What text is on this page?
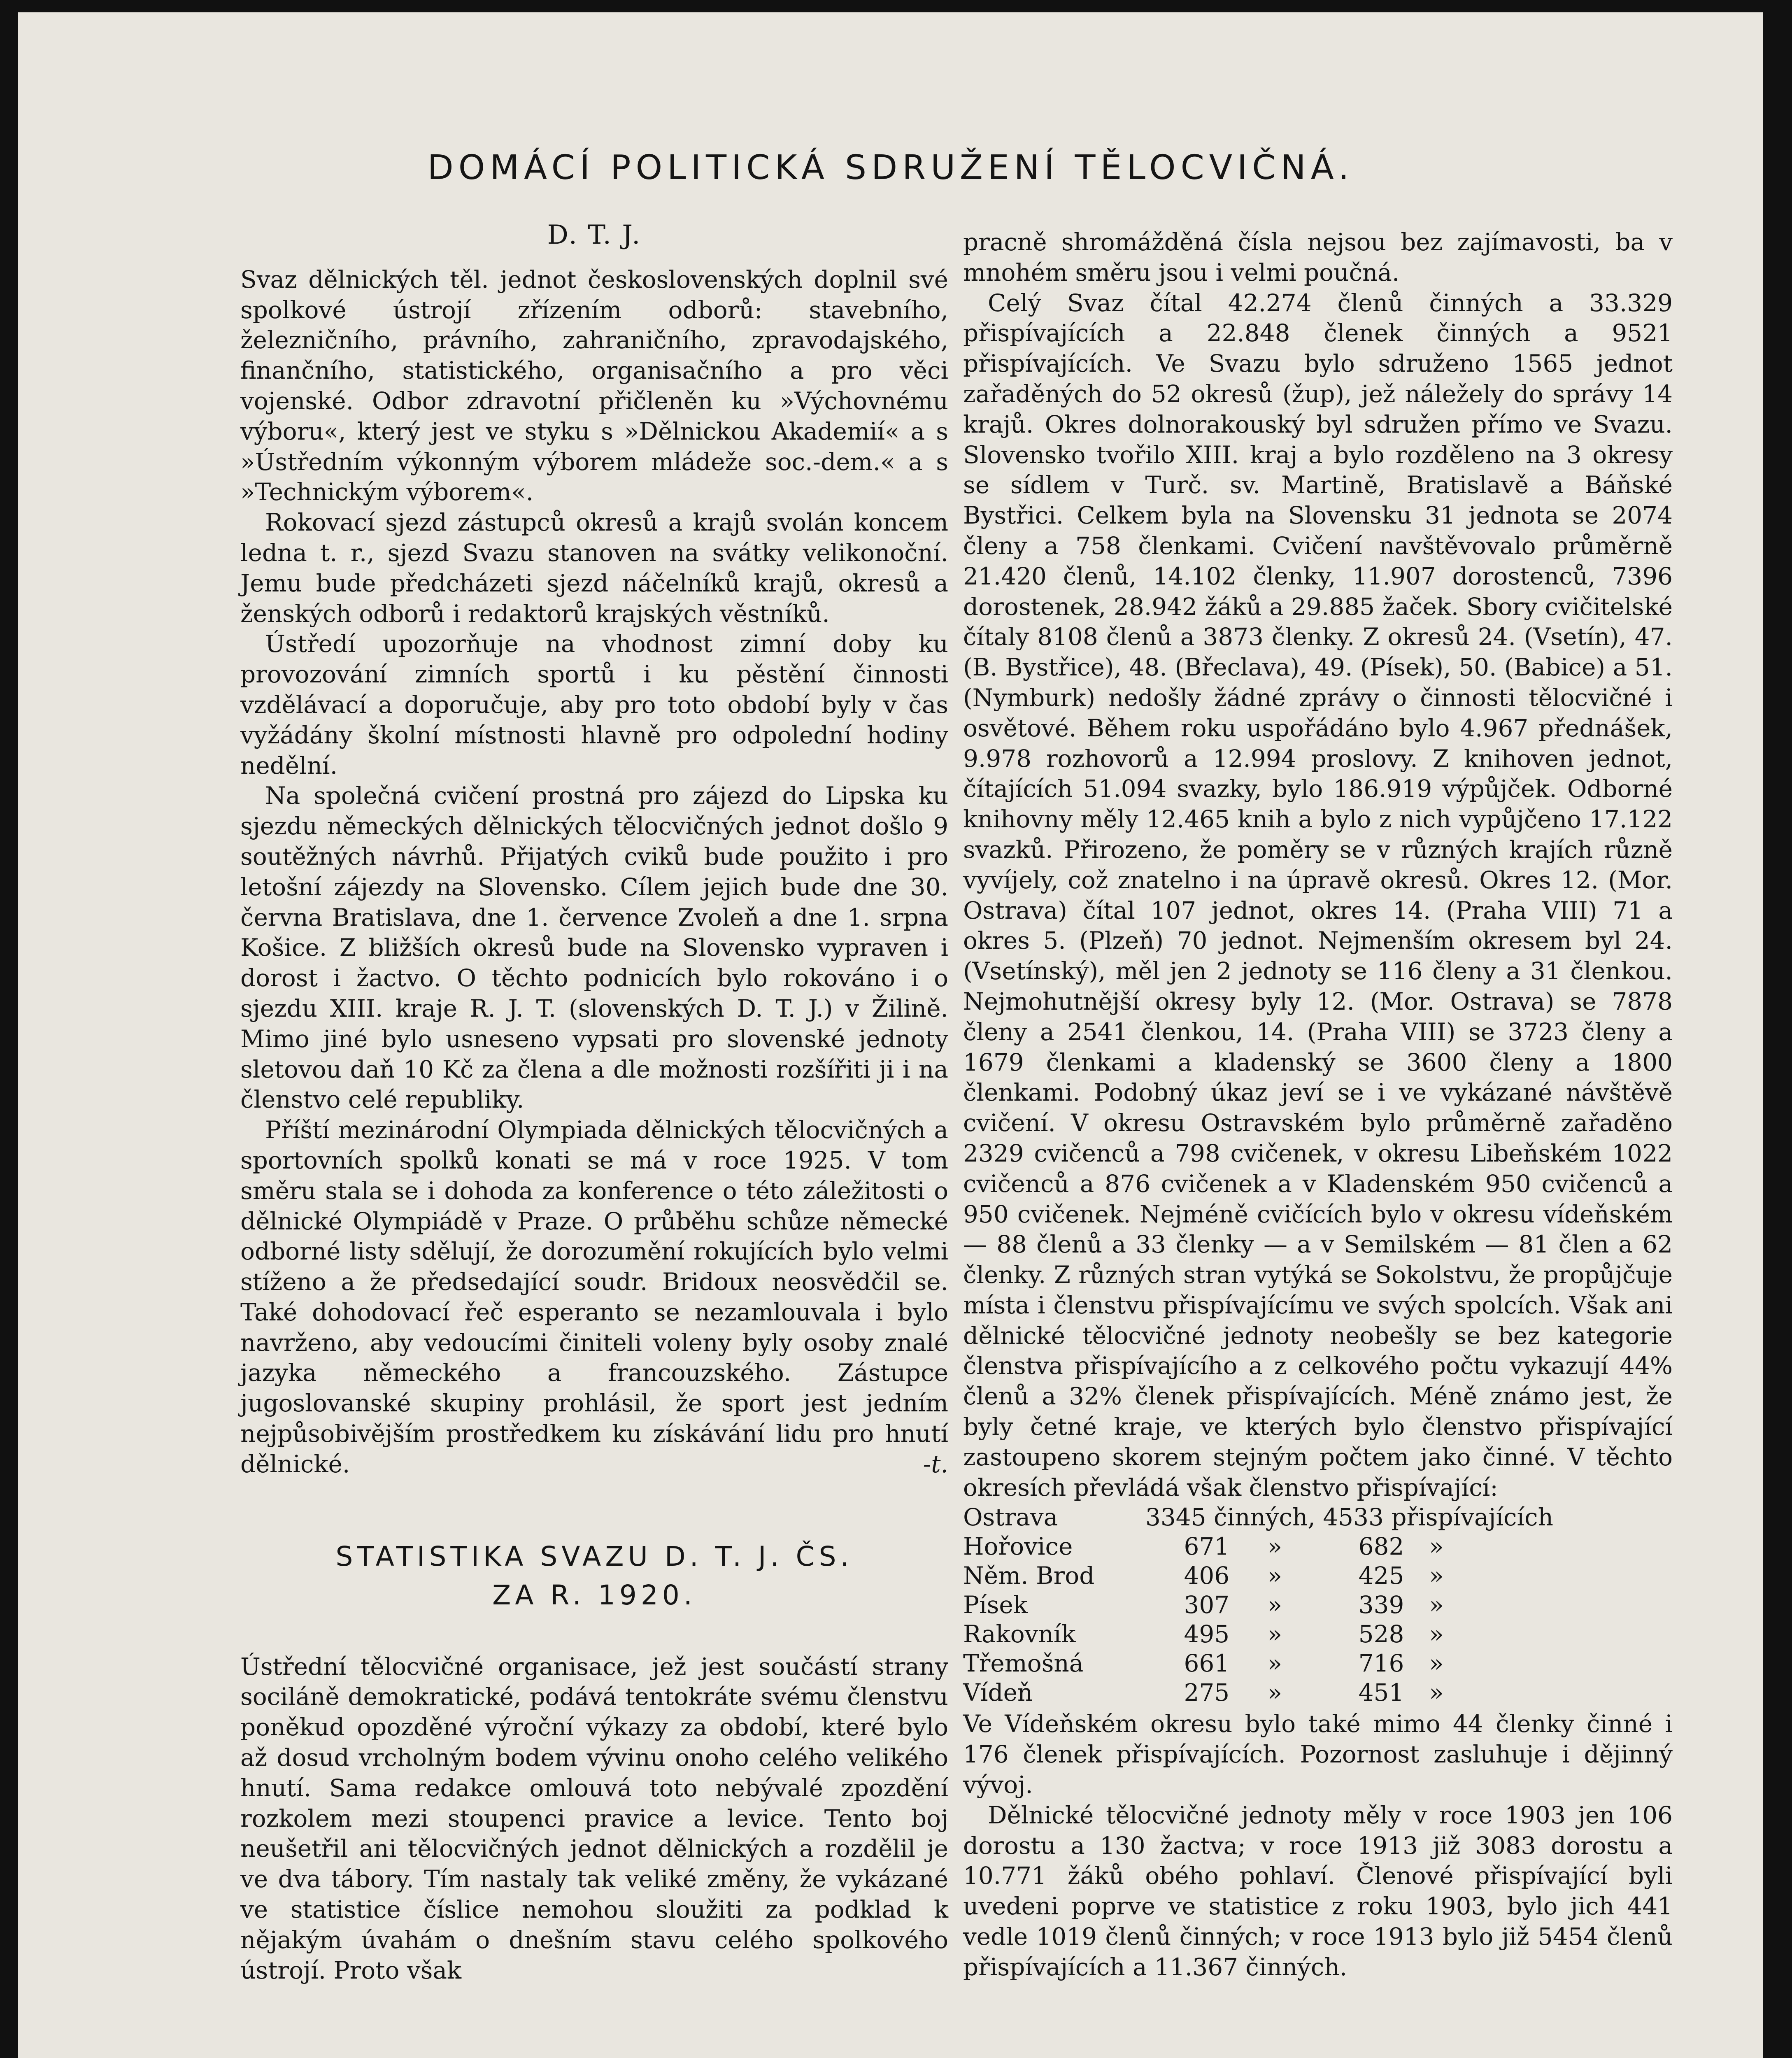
DOMÁCÍ POLITICKÁ SDRUŽENÍ TĚLOCVIČNÁ.
D. T. J.

Svaz dělnických těl. jednot československých doplnil své spolkové ústrojí zřízením odborů: stavebního, železničního, právního, zahraničního, zpravodajského, finančního, statistického, organisačního a pro věci vojenské. Odbor zdravotní přičleněn ku »Výchovnému výboru«, který jest ve styku s »Dělnickou Akademií« a s »Ústředním výkonným výborem mládeže soc.-dem.« a s »Technickým výborem«.

Rokovací sjezd zástupců okresů a krajů svolán koncem ledna t. r., sjezd Svazu stanoven na svátky velikonoční. Jemu bude předcházeti sjezd náčelníků krajů, okresů a ženských odborů i redaktorů krajských věstníků.

Ústředí upozorňuje na vhodnost zimní doby ku provozování zimních sportů i ku pěstění činnosti vzdělávací a doporučuje, aby pro toto období byly v čas vyžádány školní místnosti hlavně pro odpolední hodiny nedělní.

Na společná cvičení prostná pro zájezd do Lipska ku sjezdu německých dělnických tělocvičných jednot došlo 9 soutěžných návrhů. Přijatých cviků bude použito i pro letošní zájezdy na Slovensko. Cílem jejich bude dne 30. června Bratislava, dne 1. července Zvoleň a dne 1. srpna Košice. Z bližších okresů bude na Slovensko vypraven i dorost i žactvo. O těchto podnicích bylo rokováno i o sjezdu XIII. kraje R. J. T. (slovenských D. T. J.) v Žilině. Mimo jiné bylo usneseno vypsati pro slovenské jednoty sletovou daň 10 Kč za člena a dle možnosti rozšířiti ji i na členstvo celé republiky.

Příští mezinárodní Olympiada dělnických tělocvičných a sportovních spolků konati se má v roce 1925. V tom směru stala se i dohoda za konference o této záležitosti o dělnické Olympiádě v Praze. O průběhu schůze německé odborné listy sdělují, že dorozumění rokujících bylo velmi stíženo a že předsedající soudr. Bridoux neosvědčil se. Také dohodovací řeč esperanto se nezamlouvala i bylo navrženo, aby vedoucími činiteli voleny byly osoby znalé jazyka německého a francouzského. Zástupce jugoslovanské skupiny prohlásil, že sport jest jedním nejpůsobivějším prostředkem ku získávání lidu pro hnutí dělnické.	-t.

STATISTIKA SVAZU D. T. J. ČS.
ZA R. 1920.

Ústřední tělocvičné organisace, jež jest součástí strany sociláně demokratické, podává tentokráte svému členstvu poněkud opozděné výroční výkazy za období, které bylo až dosud vrcholným bodem vývinu onoho celého velikého hnutí. Sama redakce omlouvá toto nebývalé zpozdění rozkolem mezi stoupenci pravice a levice. Tento boj neušetřil ani tělocvičných jednot dělnických a rozdělil je ve dva tábory. Tím nastaly tak veliké změny, že vykázané ve statistice číslice nemohou sloužiti za podklad k nějakým úvahám o dnešním stavu celého spolkového ústrojí. Proto však

pracně shromážděná čísla nejsou bez zajímavosti, ba v mnohém směru jsou i velmi poučná.

Celý Svaz čítal 42.274 členů činných a 33.329 přispívajících a 22.848 členek činných a 9521 přispívajících. Ve Svazu bylo sdruženo 1565 jednot zařaděných do 52 okresů (žup), jež náležely do správy 14 krajů. Okres dolnorakouský byl sdružen přímo ve Svazu. Slovensko tvořilo XIII. kraj a bylo rozděleno na 3 okresy se sídlem v Turč. sv. Martině, Bratislavě a Báňské Bystřici. Celkem byla na Slovensku 31 jednota se 2074 členy a 758 členkami. Cvičení navštěvovalo průměrně 21.420 členů, 14.102 členky, 11.907 dorostenců, 7396 dorostenek, 28.942 žáků a 29.885 žaček. Sbory cvičitelské čítaly 8108 členů a 3873 členky. Z okresů 24. (Vsetín), 47. (B. Bystřice), 48. (Břeclava), 49. (Písek), 50. (Babice) a 51. (Nymburk) nedošly žádné zprávy o činnosti tělocvičné i osvětové. Během roku uspořádáno bylo 4.967 přednášek, 9.978 rozhovorů a 12.994 proslovy. Z knihoven jednot, čítajících 51.094 svazky, bylo 186.919 výpůjček. Odborné knihovny měly 12.465 knih a bylo z nich vypůjčeno 17.122 svazků. Přirozeno, že poměry se v různých krajích různě vyvíjely, což znatelno i na úpravě okresů. Okres 12. (Mor. Ostrava) čítal 107 jednot, okres 14. (Praha VIII) 71 a okres 5. (Plzeň) 70 jednot. Nejmenším okresem byl 24. (Vsetínský), měl jen 2 jednoty se 116 členy a 31 členkou. Nejmohutnější okresy byly 12. (Mor. Ostrava) se 7878 členy a 2541 členkou, 14. (Praha VIII) se 3723 členy a 1679 členkami a kladenský se 3600 členy a 1800 členkami. Podobný úkaz jeví se i ve vykázané návštěvě cvičení. V okresu Ostravském bylo průměrně zařaděno 2329 cvičenců a 798 cvičenek, v okresu Libeňském 1022 cvičenců a 876 cvičenek a v Kladenském 950 cvičenců a 950 cvičenek. Nejméně cvičících bylo v okresu vídeňském — 88 členů a 33 členky — a v Semilském — 81 člen a 62 členky. Z různých stran vytýká se Sokolstvu, že propůjčuje místa i členstvu přispívajícímu ve svých spolcích. Však ani dělnické tělocvičné jednoty neobešly se bez kategorie členstva přispívajícího a z celkového počtu vykazují 44% členů a 32% členek přispívajících. Méně známo jest, že byly četné kraje, ve kterých bylo členstvo přispívající zastoupeno skorem stejným počtem jako činné. V těchto okresích převládá však členstvo přispívající:

Ostrava	3345 činných, 4533 přispívajících				
Hořovice	671	»	682	»	
Něm. Brod	406	»	425	»	
Písek	307	»	339	»	
Rakovník	495	»	528	»	
Třemošná	661	»	716	»	
Vídeň	275	»	451	»	

Ve Vídeňském okresu bylo také mimo 44 členky činné i 176 členek přispívajících. Pozornost zasluhuje i dějinný vývoj.

Dělnické tělocvičné jednoty měly v roce 1903 jen 106 dorostu a 130 žactva; v roce 1913 již 3083 dorostu a 10.771 žáků obého pohlaví. Členové přispívající byli uvedeni poprve ve statistice z roku 1903, bylo jich 441 vedle 1019 členů činných; v roce 1913 bylo již 5454 členů přispívajících a 11.367 činných.
